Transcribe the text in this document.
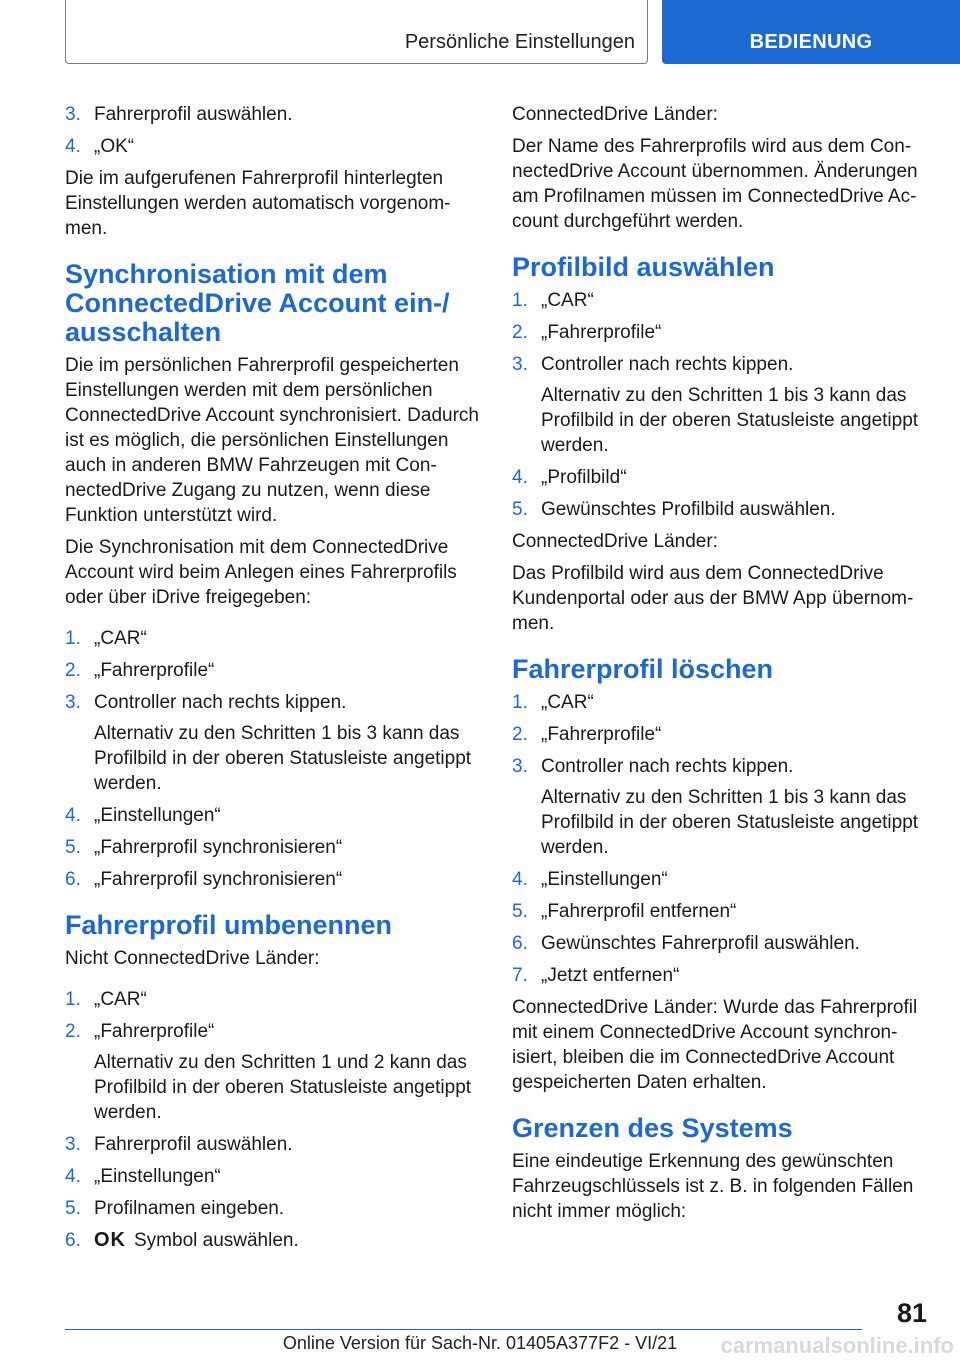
Persönliche Einstellungen	BEDIENUNG
3. Fahrerprofil auswählen.
4. „OK“

Die im aufgerufenen Fahrerprofil hinterlegten Einstellungen werden automatisch vorgenommen.

Synchronisation mit dem ConnectedDrive Account ein-/ ausschalten

Die im persönlichen Fahrerprofil gespeicherten Einstellungen werden mit dem persönlichen ConnectedDrive Account synchronisiert. Dadurch ist es möglich, die persönlichen Einstellungen auch in anderen BMW Fahrzeugen mit ConnectedDrive Zugang zu nutzen, wenn diese Funktion unterstützt wird.

Die Synchronisation mit dem ConnectedDrive Account wird beim Anlegen eines Fahrerprofils oder über iDrive freigegeben:

1. „CAR“
2. „Fahrerprofile“
3. Controller nach rechts kippen.
Alternativ zu den Schritten 1 bis 3 kann das Profilbild in der oberen Statusleiste angetippt werden.
4. „Einstellungen“
5. „Fahrerprofil synchronisieren“
6. „Fahrerprofil synchronisieren“
Fahrerprofil umbenennen

Nicht ConnectedDrive Länder:

1. „CAR“
2. „Fahrerprofile“
Alternativ zu den Schritten 1 und 2 kann das Profilbild in der oberen Statusleiste angetippt werden.
3. Fahrerprofil auswählen.
4. „Einstellungen“
5. Profilnamen eingeben.
6. OK Symbol auswählen.

ConnectedDrive Länder:

Der Name des Fahrerprofils wird aus dem ConnectedDrive Account übernommen. Änderungen am Profilnamen müssen im ConnectedDrive Account durchgeführt werden.

Profilbild auswählen
1. „CAR“
2. „Fahrerprofile“
3. Controller nach rechts kippen.
Alternativ zu den Schritten 1 bis 3 kann das Profilbild in der oberen Statusleiste angetippt werden.
4. „Profilbild“
5. Gewünschtes Profilbild auswählen.

ConnectedDrive Länder:

Das Profilbild wird aus dem ConnectedDrive Kundenportal oder aus der BMW App übernommen.

Fahrerprofil löschen
1. „CAR“
2. „Fahrerprofile“
3. Controller nach rechts kippen.
Alternativ zu den Schritten 1 bis 3 kann das Profilbild in der oberen Statusleiste angetippt werden.
4. „Einstellungen“
5. „Fahrerprofil entfernen“
6. Gewünschtes Fahrerprofil auswählen.
7. „Jetzt entfernen“

ConnectedDrive Länder: Wurde das Fahrerprofil mit einem ConnectedDrive Account synchronisiert, bleiben die im ConnectedDrive Account gespeicherten Daten erhalten.

Grenzen des Systems

Eine eindeutige Erkennung des gewünschten Fahrzeugschlüssels ist z. B. in folgenden Fällen nicht immer möglich:

81
Online Version für Sach-Nr. 01405A377F2 - VI/21	carmanualsonline.info
